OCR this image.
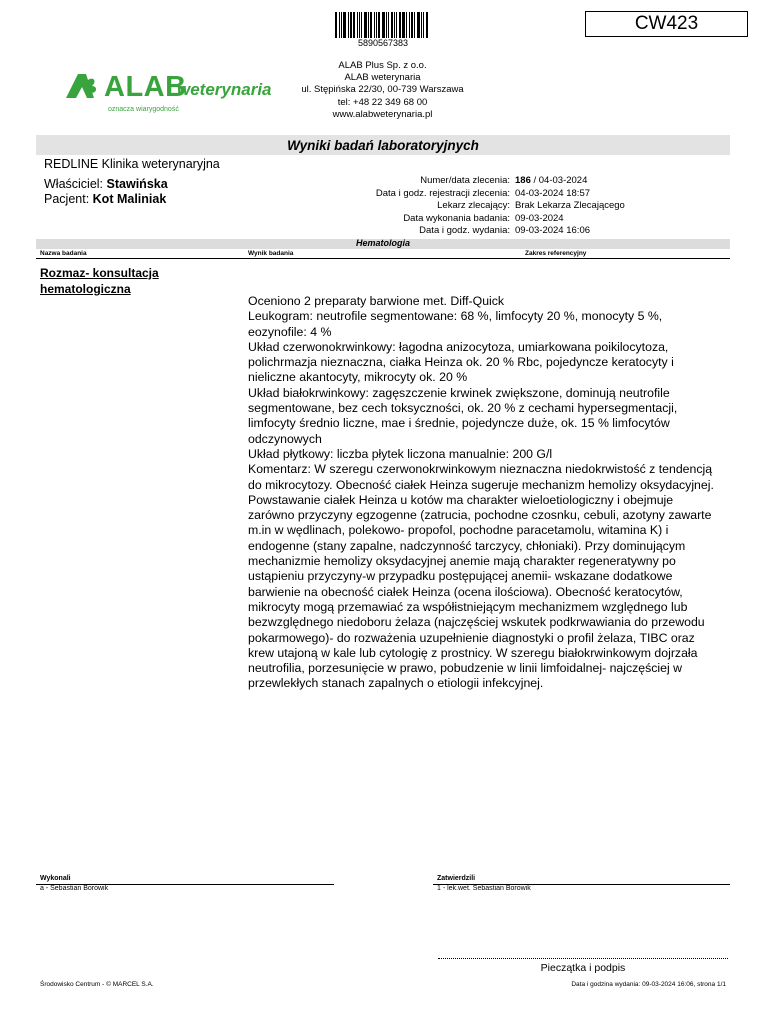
5890567383
CW423
ALAB
weterynaria
oznacza wiarygodność
ALAB Plus Sp. z o.o.
ALAB weterynaria
ul. Stępińska 22/30, 00-739 Warszawa
tel: +48 22 349 68 00
www.alabweterynaria.pl
Wyniki badań laboratoryjnych
REDLINE Klinika weterynaryjna
Właściciel: Stawińska
Pacjent: Kot Maliniak
Numer/data zlecenia: 186 / 04-03-2024
Data i godz. rejestracji zlecenia: 04-03-2024 18:57
Lekarz zlecający: Brak Lekarza Zlecającego
Data wykonania badania: 09-03-2024
Data i godz. wydania: 09-03-2024 16:06
Hematologia
Nazwa badania	Wynik badania	Zakres referencyjny
Rozmaz- konsultacja hematologiczna

Oceniono 2 preparaty barwione met. Diff-Quick

Leukogram: neutrofile segmentowane: 68 %, limfocyty 20 %, monocyty 5 %, eozynofile: 4 %

Układ czerwonokrwinkowy: łagodna anizocytoza, umiarkowana poikilocytoza, polichrmazja nieznaczna, ciałka Heinza ok. 20 % Rbc, pojedyncze keratocyty i nieliczne akantocyty, mikrocyty ok. 20 %

Układ białokrwinkowy: zagęszczenie krwinek zwiększone, dominują neutrofile segmentowane, bez cech toksyczności, ok. 20 % z cechami hypersegmentacji, limfocyty średnio liczne, mae i średnie, pojedyncze duże, ok. 15 % limfocytów odczynowych

Układ płytkowy: liczba płytek liczona manualnie: 200 G/l

Komentarz: W szeregu czerwonokrwinkowym nieznaczna niedokrwistość z tendencją do mikrocytozy. Obecność ciałek Heinza sugeruje mechanizm hemolizy oksydacyjnej. Powstawanie ciałek Heinza u kotów ma charakter wieloetiologiczny i obejmuje zarówno przyczyny egzogenne (zatrucia, pochodne czosnku, cebuli, azotyny zawarte m.in w wędlinach, polekowo- propofol, pochodne paracetamolu, witamina K) i endogenne (stany zapalne, nadczynność tarczycy, chłoniaki). Przy dominującym mechanizmie hemolizy oksydacyjnej anemie mają charakter regeneratywny po ustąpieniu przyczyny-w przypadku postępującej anemii- wskazane dodatkowe barwienie na obecność ciałek Heinza (ocena ilościowa). Obecność keratocytów, mikrocyty mogą przemawiać za współistniejącym mechanizmem względnego lub bezwzględnego niedoboru żelaza (najczęściej wskutek podkrwawiania do przewodu pokarmowego)- do rozważenia uzupełnienie diagnostyki o profil żelaza, TIBC oraz krew utajoną w kale lub cytologię z prostnicy. W szeregu białokrwinkowym dojrzała neutrofilia, porzesunięcie w prawo, pobudzenie w linii limfoidalnej- najczęściej w przewlekłych stanach zapalnych o etiologii infekcyjnej.

Wykonali
a - Sebastian Borowik
Zatwierdzili
1 - lek.wet. Sebastian Borowik
Pieczątka i podpis
Środowisko Centrum - © MARCEL S.A.	Data i godzina wydania: 09-03-2024 16:06, strona 1/1
